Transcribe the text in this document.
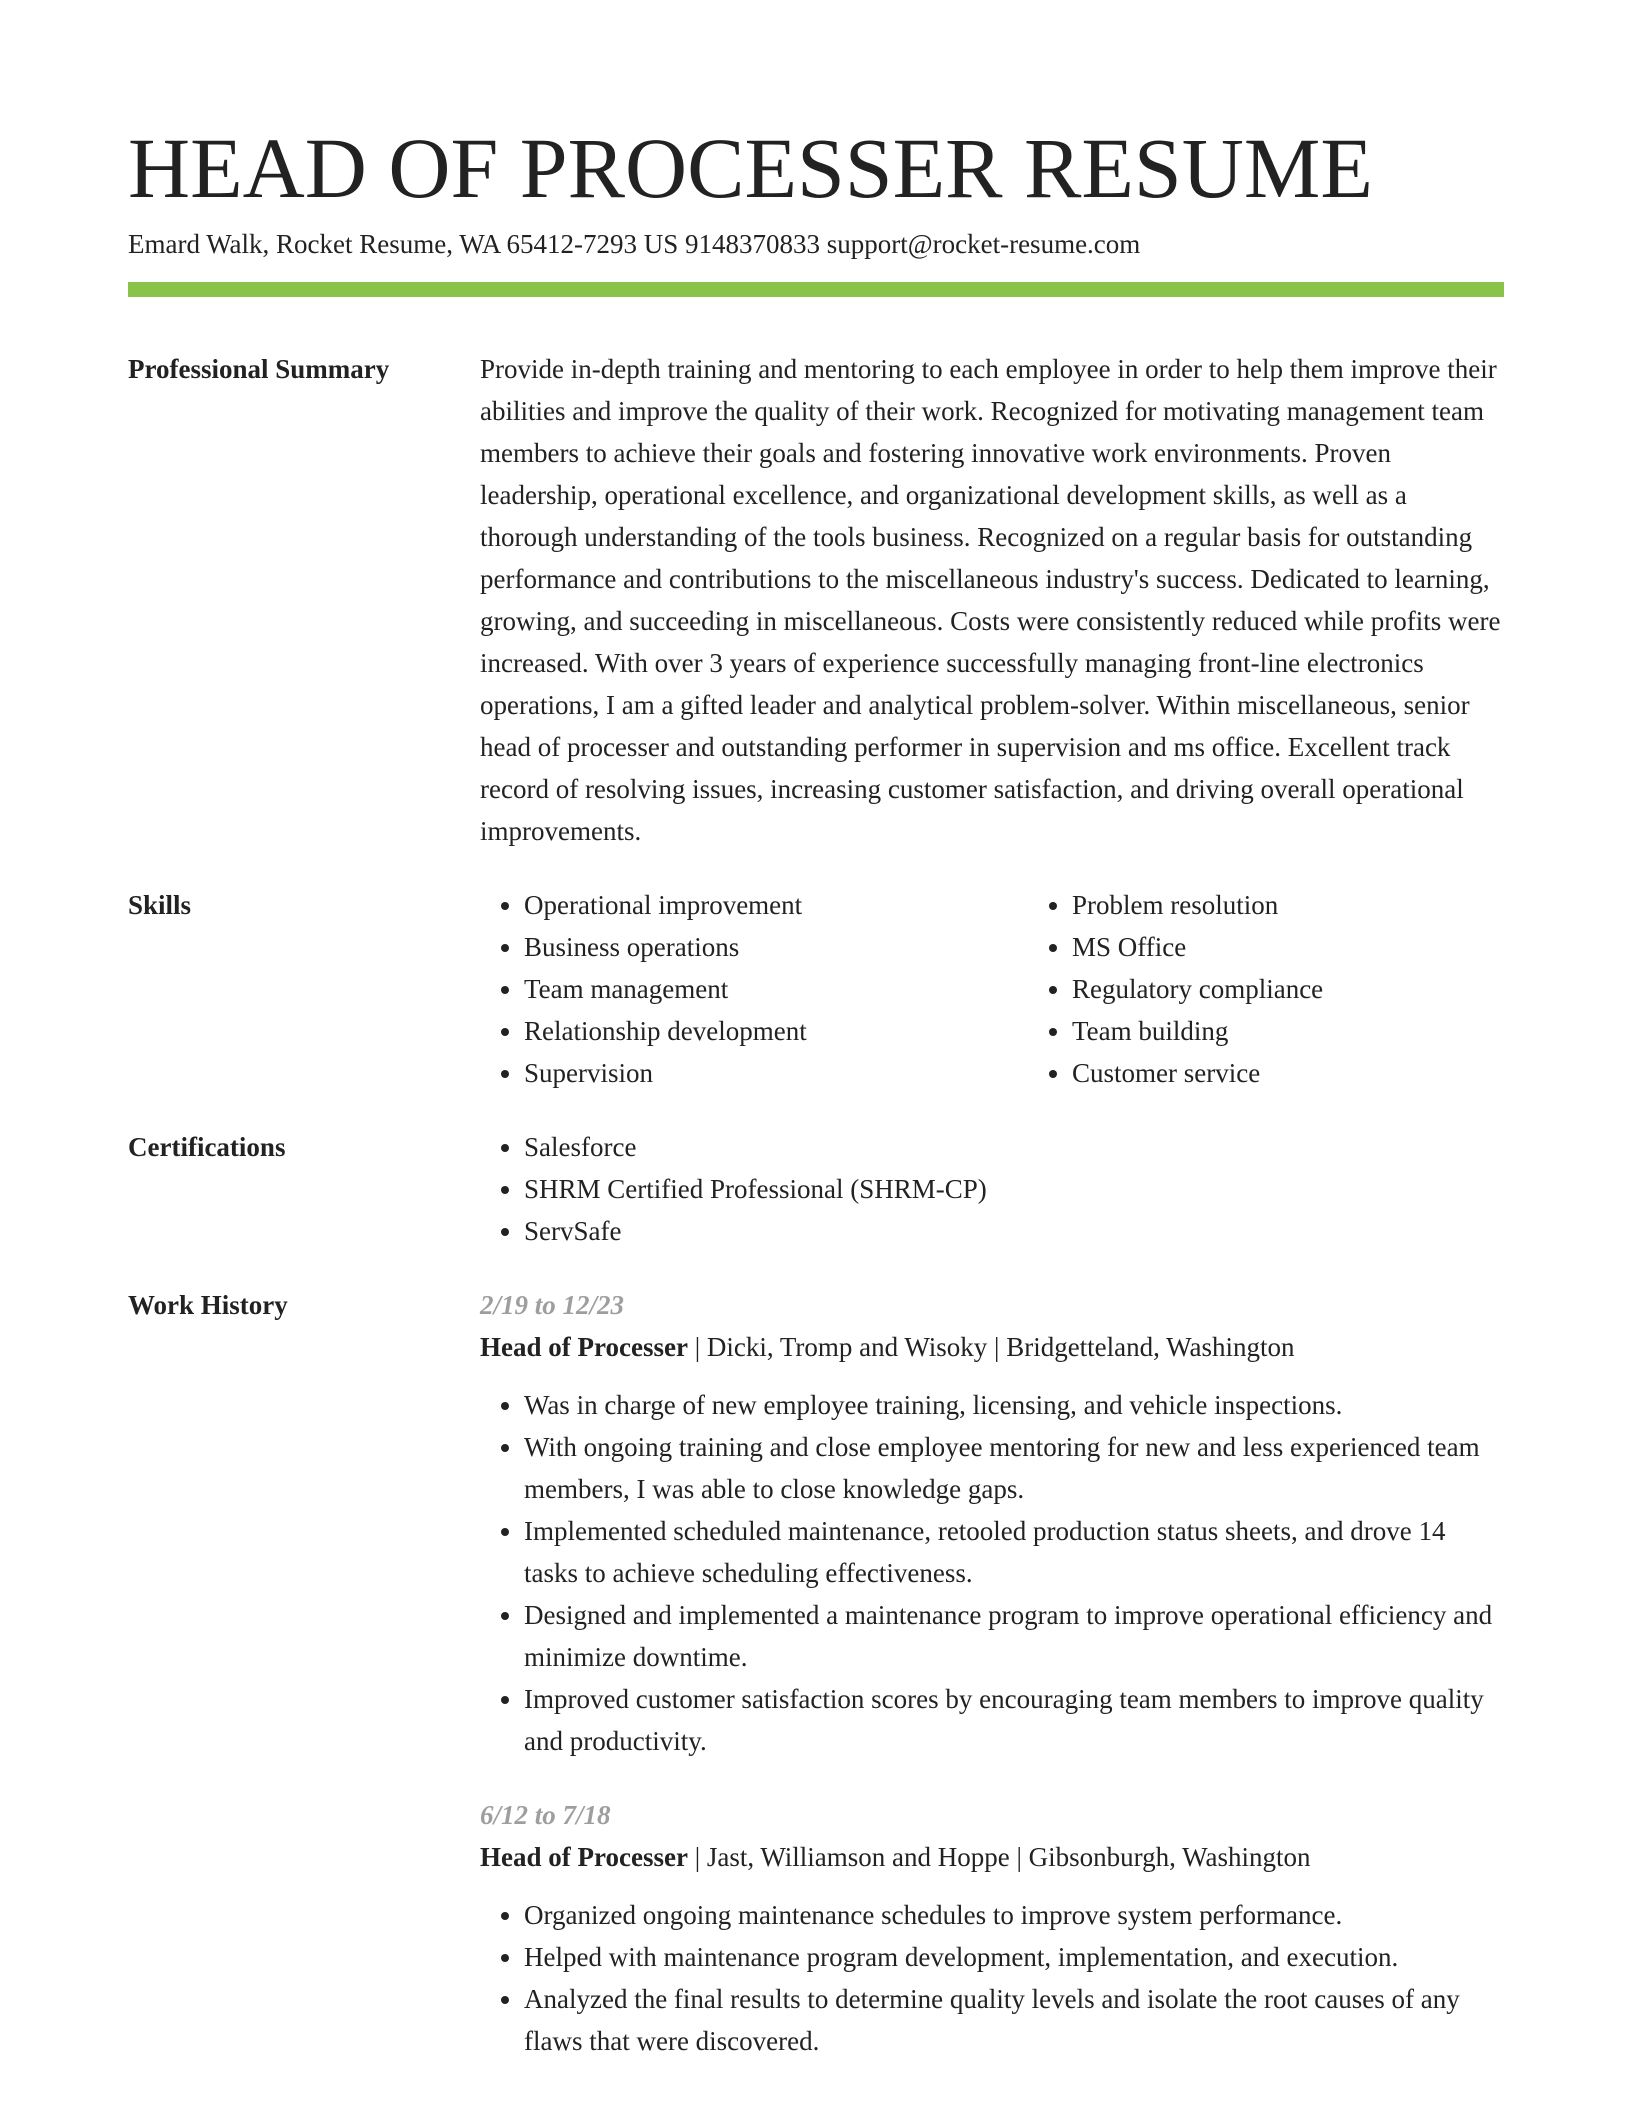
HEAD OF PROCESSER RESUME
Emard Walk, Rocket Resume, WA 65412-7293 US 9148370833 support@rocket-resume.com
Professional Summary	Provide in-depth training and mentoring to each employee in order to help them improve their abilities and improve the quality of their work. Recognized for motivating management team members to achieve their goals and fostering innovative work environments. Proven leadership, operational excellence, and organizational development skills, as well as a thorough understanding of the tools business. Recognized on a regular basis for outstanding performance and contributions to the miscellaneous industry's success. Dedicated to learning, growing, and succeeding in miscellaneous. Costs were consistently reduced while profits were increased. With over 3 years of experience successfully managing front-line electronics operations, I am a gifted leader and analytical problem-solver. Within miscellaneous, senior head of processer and outstanding performer in supervision and ms office. Excellent track record of resolving issues, increasing customer satisfaction, and driving overall operational improvements.
Skills	• Operational improvement
• Business operations
• Team management
• Relationship development
• Supervision
• Problem resolution
• MS Office
• Regulatory compliance
• Team building
• Customer service
Certifications	• Salesforce
• SHRM Certified Professional (SHRM-CP)
• ServSafe
Work History	2/19 to 12/23
Head of Processer | Dicki, Tromp and Wisoky | Bridgetteland, Washington
• Was in charge of new employee training, licensing, and vehicle inspections.
• With ongoing training and close employee mentoring for new and less experienced team members, I was able to close knowledge gaps.
• Implemented scheduled maintenance, retooled production status sheets, and drove 14 tasks to achieve scheduling effectiveness.
• Designed and implemented a maintenance program to improve operational efficiency and minimize downtime.
• Improved customer satisfaction scores by encouraging team members to improve quality and productivity.
6/12 to 7/18
Head of Processer | Jast, Williamson and Hoppe | Gibsonburgh, Washington
• Organized ongoing maintenance schedules to improve system performance.
• Helped with maintenance program development, implementation, and execution.
• Analyzed the final results to determine quality levels and isolate the root causes of any flaws that were discovered.
